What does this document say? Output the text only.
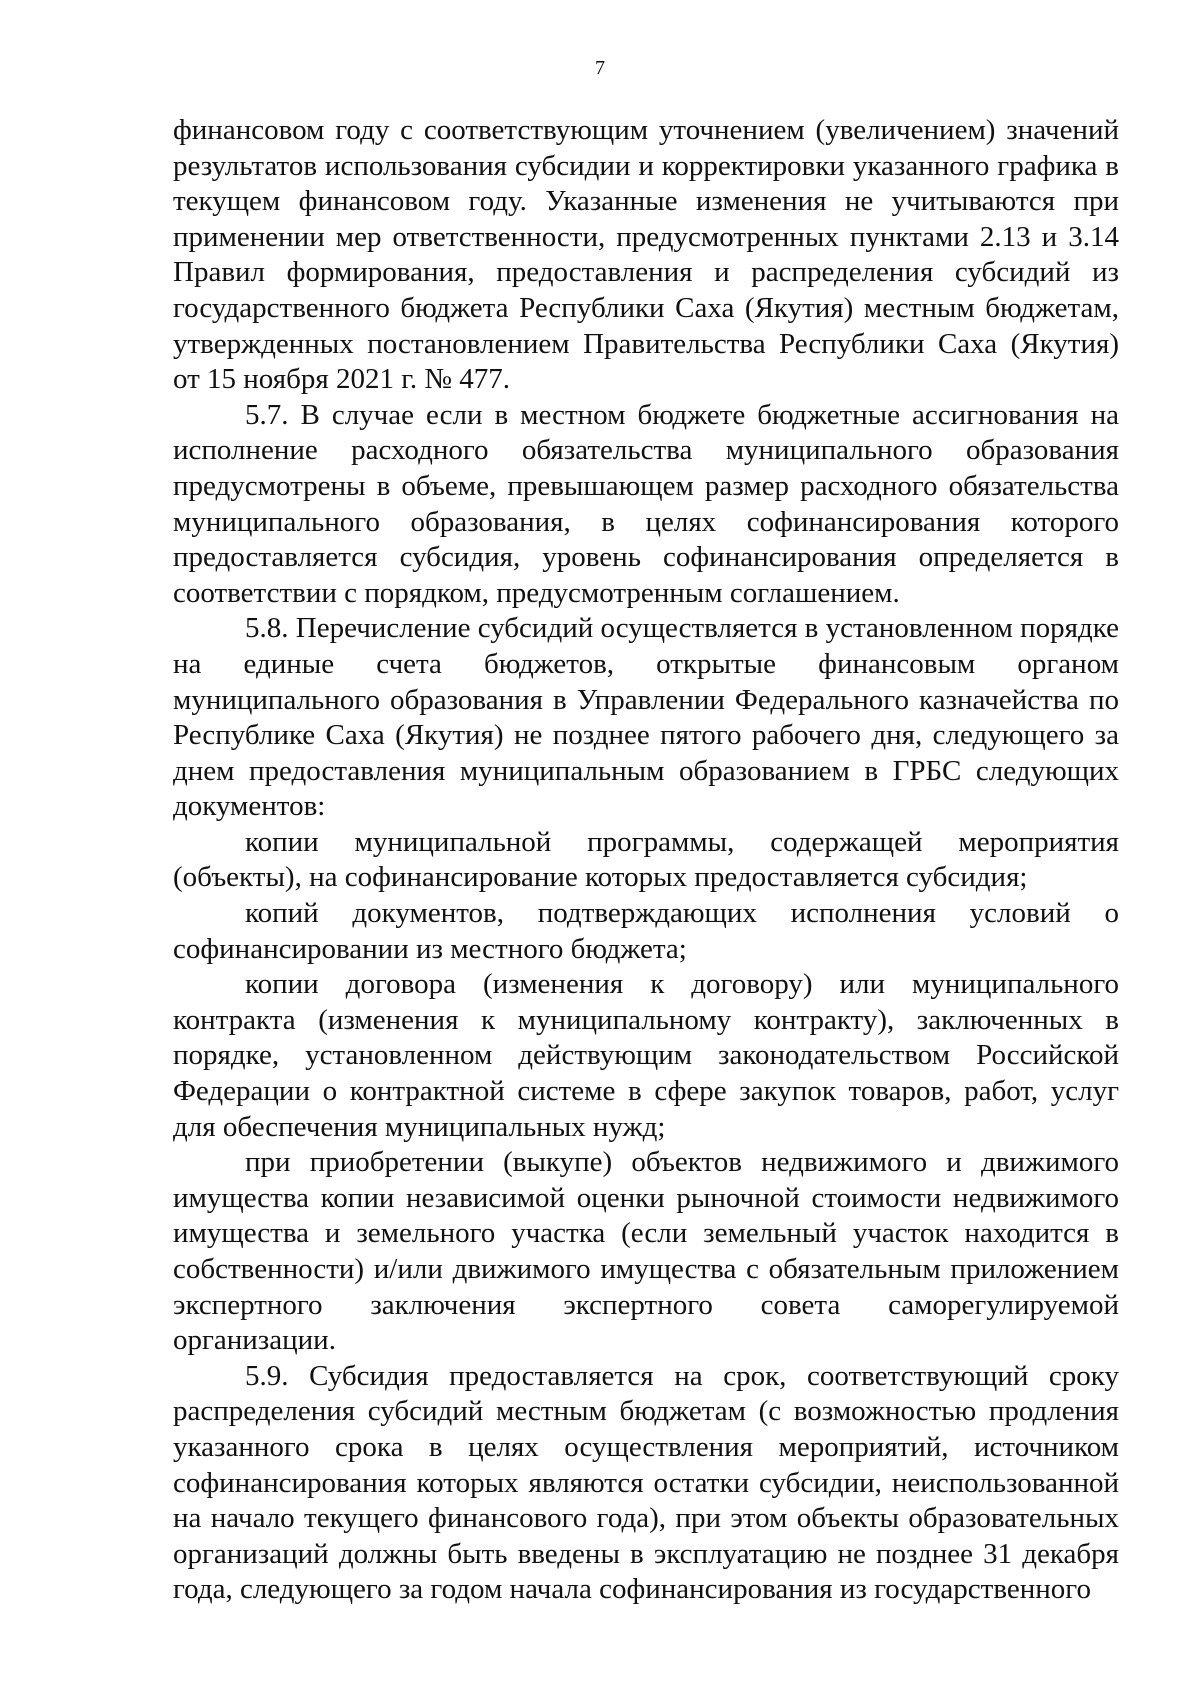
7

финансовом году с соответствующим уточнением (увеличением) значений результатов использования субсидии и корректировки указанного графика в текущем финансовом году. Указанные изменения не учитываются при применении мер ответственности, предусмотренных пунктами 2.13 и 3.14 Правил формирования, предоставления и распределения субсидий из государственного бюджета Республики Саха (Якутия) местным бюджетам, утвержденных постановлением Правительства Республики Саха (Якутия) от 15 ноября 2021 г. № 477.

5.7. В случае если в местном бюджете бюджетные ассигнования на исполнение расходного обязательства муниципального образования предусмотрены в объеме, превышающем размер расходного обязательства муниципального образования, в целях софинансирования которого предоставляется субсидия, уровень софинансирования определяется в соответствии с порядком, предусмотренным соглашением.

5.8. Перечисление субсидий осуществляется в установленном порядке на единые счета бюджетов, открытые финансовым органом муниципального образования в Управлении Федерального казначейства по Республике Саха (Якутия) не позднее пятого рабочего дня, следующего за днем предоставления муниципальным образованием в ГРБС следующих документов:

копии муниципальной программы, содержащей мероприятия (объекты), на софинансирование которых предоставляется субсидия;

копий документов, подтверждающих исполнения условий о софинансировании из местного бюджета;

копии договора (изменения к договору) или муниципального контракта (изменения к муниципальному контракту), заключенных в порядке, установленном действующим законодательством Российской Федерации о контрактной системе в сфере закупок товаров, работ, услуг для обеспечения муниципальных нужд;

при приобретении (выкупе) объектов недвижимого и движимого имущества копии независимой оценки рыночной стоимости недвижимого имущества и земельного участка (если земельный участок находится в собственности) и/или движимого имущества с обязательным приложением экспертного заключения экспертного совета саморегулируемой организации.

5.9. Субсидия предоставляется на срок, соответствующий сроку распределения субсидий местным бюджетам (с возможностью продления указанного срока в целях осуществления мероприятий, источником софинансирования которых являются остатки субсидии, неиспользованной на начало текущего финансового года), при этом объекты образовательных организаций должны быть введены в эксплуатацию не позднее 31 декабря года, следующего за годом начала софинансирования из государственного
